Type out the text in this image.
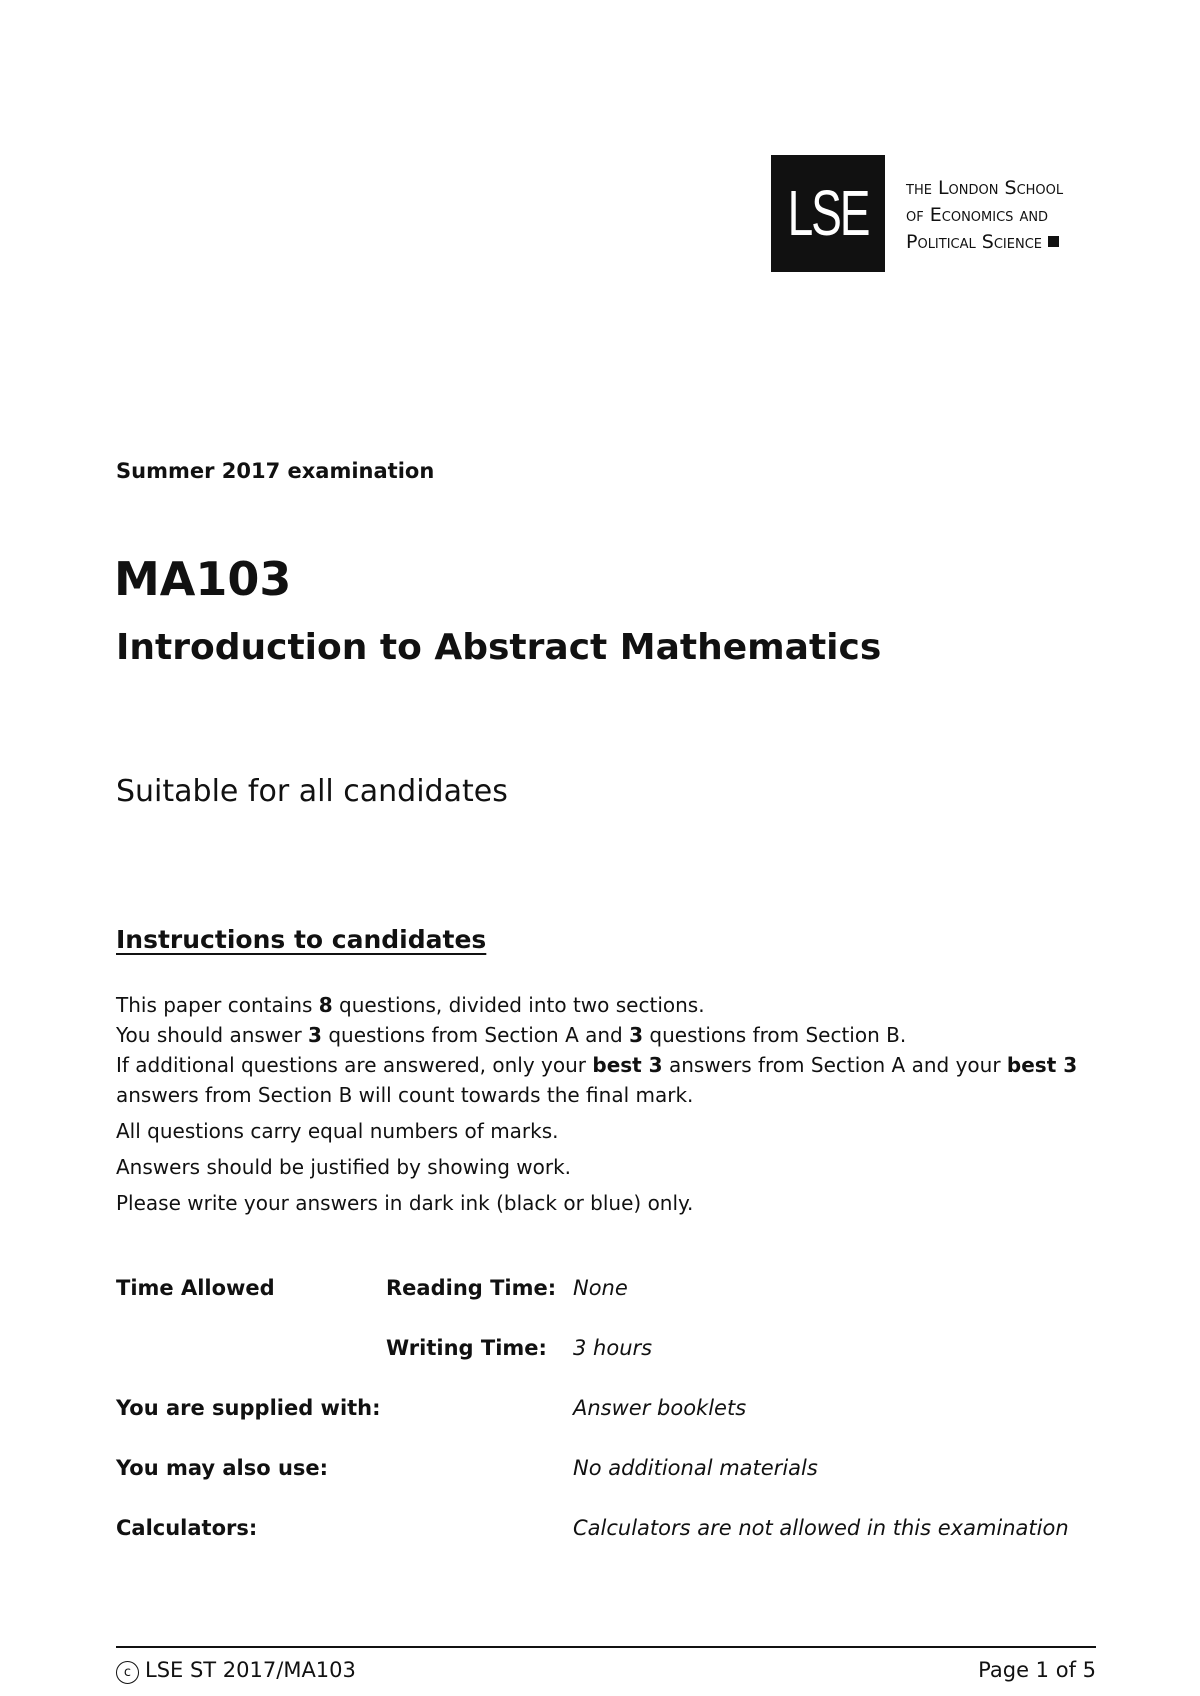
LSE	the London School
of Economics and
Political Science
Summer 2017 examination
MA103
Introduction to Abstract Mathematics
Suitable for all candidates
Instructions to candidates

This paper contains 8 questions, divided into two sections.

You should answer 3 questions from Section A and 3 questions from Section B.

If additional questions are answered, only your best 3 answers from Section A and your best 3 answers from Section B will count towards the final mark.

All questions carry equal numbers of marks.

Answers should be justified by showing work.

Please write your answers in dark ink (black or blue) only.

Time Allowed	Reading Time: None
Writing Time: 3 hours
You are supplied with:	Answer booklets
You may also use:	No additional materials
Calculators:	Calculators are not allowed in this examination
c LSE ST 2017/MA103	Page 1 of 5
